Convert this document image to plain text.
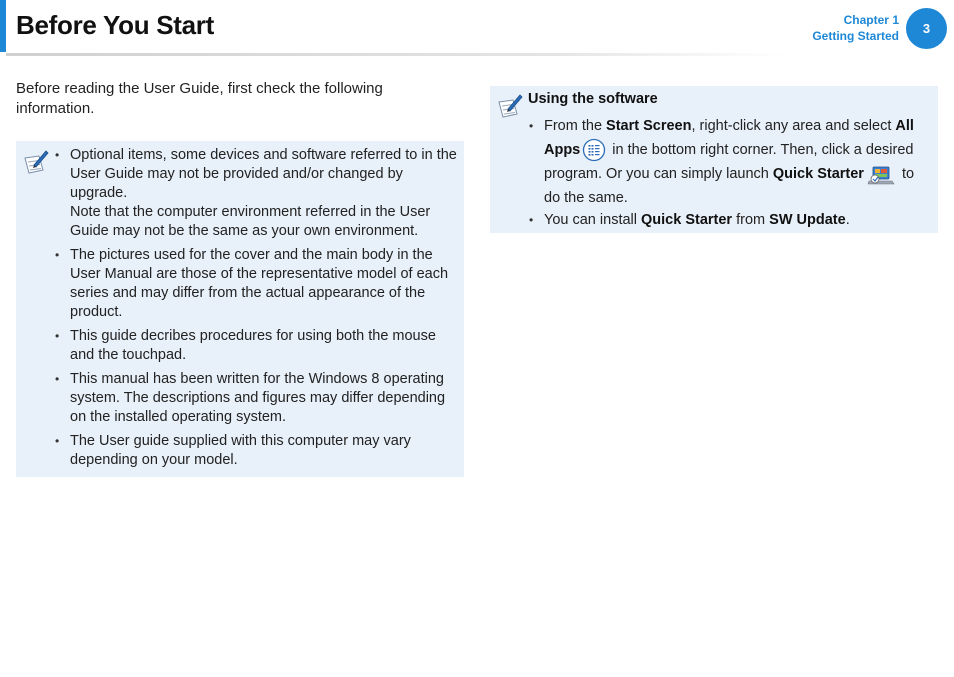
Before You Start	Chapter 1
Getting Started	3
Before reading the User Guide, first check the following information.
• Optional items, some devices and software referred to in the User Guide may not be provided and/or changed by upgrade.
Note that the computer environment referred in the User Guide may not be the same as your own environment.
• The pictures used for the cover and the main body in the User Manual are those of the representative model of each series and may differ from the actual appearance of the product.
• This guide decribes procedures for using both the mouse and the touchpad.
• This manual has been written for the Windows 8 operating system. The descriptions and figures may differ depending on the installed operating system.
• The User guide supplied with this computer may vary depending on your model.
Using the software
• From the Start Screen, right-click any area and select All Apps in the bottom right corner. Then, click a desired program. Or you can simply launch Quick Starter to do the same.
• You can install Quick Starter from SW Update.
